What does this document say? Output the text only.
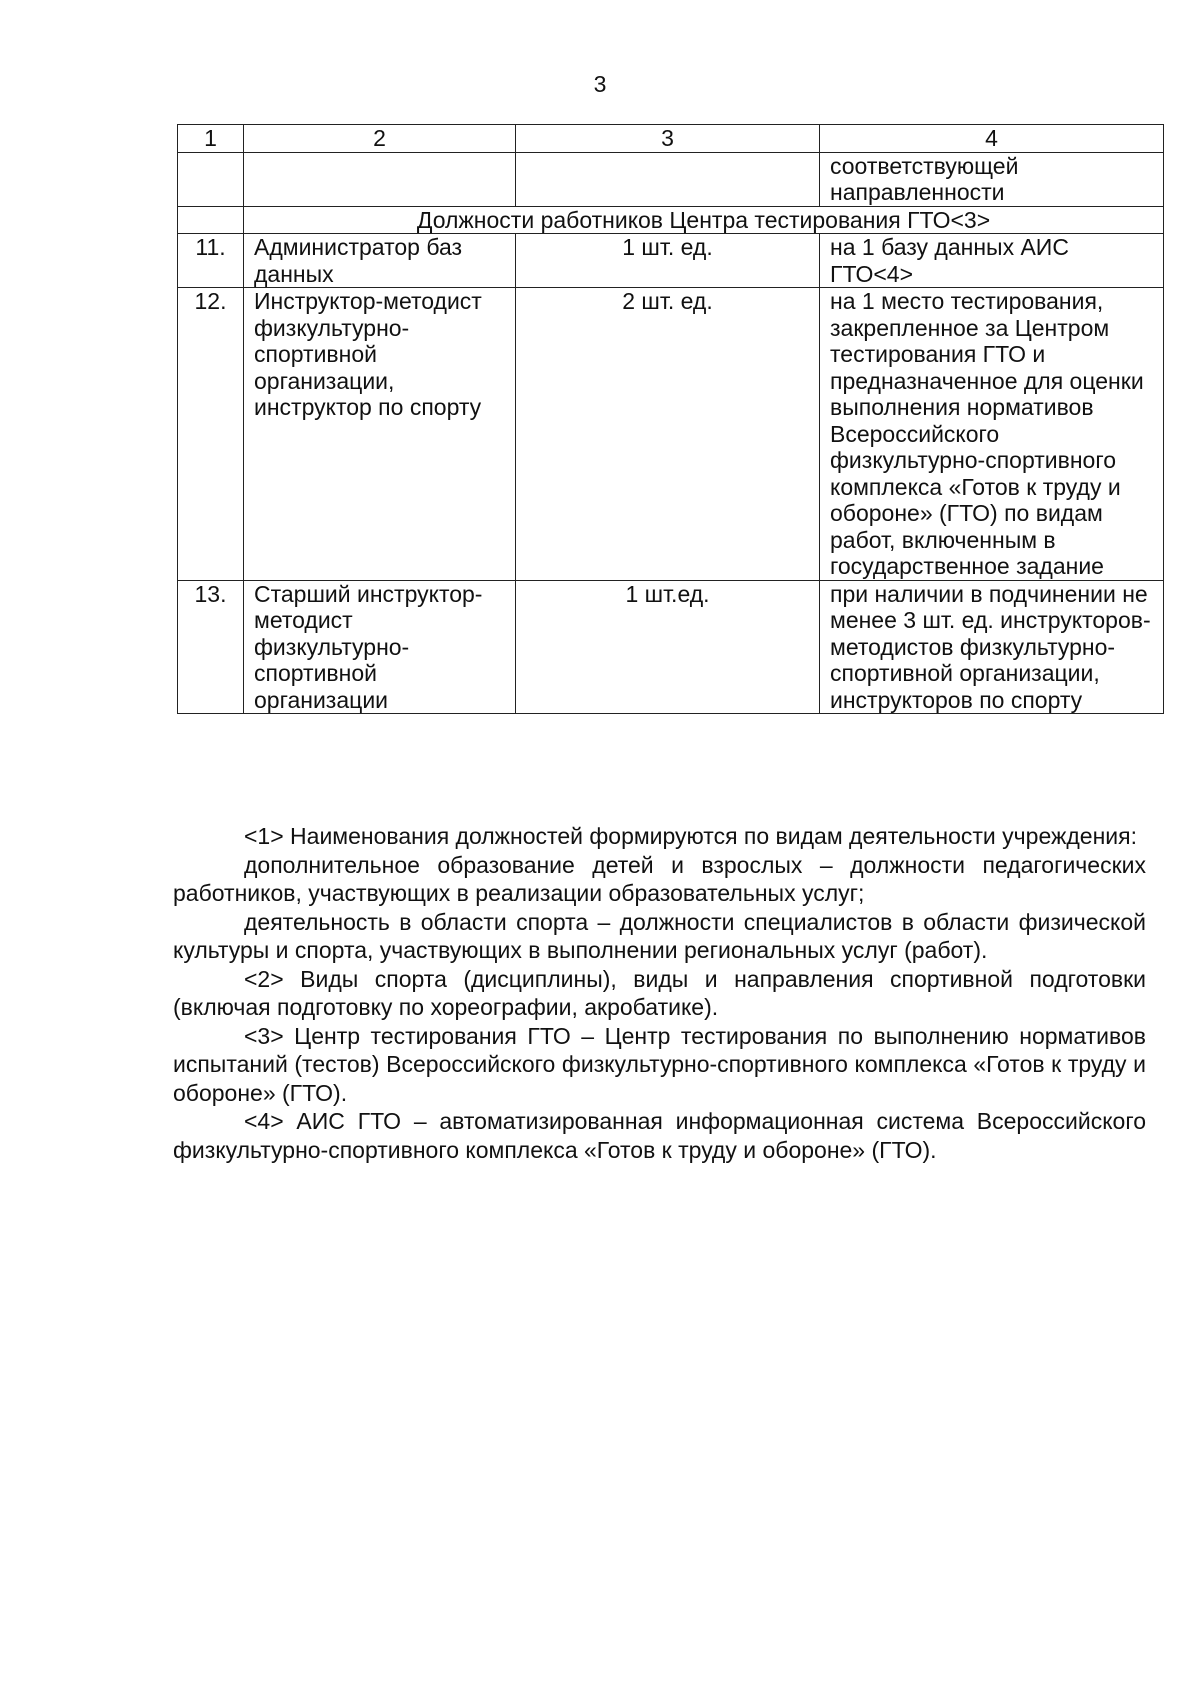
3
1	2	3	4
			соответствующей направленности
	Должности работников Центра тестирования ГТО<3>		
11.	Администратор баз данных	1 шт. ед.	на 1 базу данных АИС ГТО<4>
12.	Инструктор-методист физкультурно-спортивной организации, инструктор по спорту	2 шт. ед.	на 1 место тестирования, закрепленное за Центром тестирования ГТО и предназначенное для оценки выполнения нормативов Всероссийского физкультурно-спортивного комплекса «Готов к труду и обороне» (ГТО) по видам работ, включенным в государственное задание
13.	Старший инструктор-методист физкультурно-спортивной организации	1 шт.ед.	при наличии в подчинении не менее 3 шт. ед. инструкторов-методистов физкультурно-спортивной организации, инструкторов по спорту

<1> Наименования должностей формируются по видам деятельности учреждения:

дополнительное образование детей и взрослых – должности педагогических работников, участвующих в реализации образовательных услуг;

деятельность в области спорта – должности специалистов в области физической культуры и спорта, участвующих в выполнении региональных услуг (работ).

<2> Виды спорта (дисциплины), виды и направления спортивной подготовки (включая подготовку по хореографии, акробатике).

<3> Центр тестирования ГТО – Центр тестирования по выполнению нормативов испытаний (тестов) Всероссийского физкультурно-спортивного комплекса «Готов к труду и обороне» (ГТО).

<4> АИС ГТО – автоматизированная информационная система Всероссийского физкультурно-спортивного комплекса «Готов к труду и обороне» (ГТО).
